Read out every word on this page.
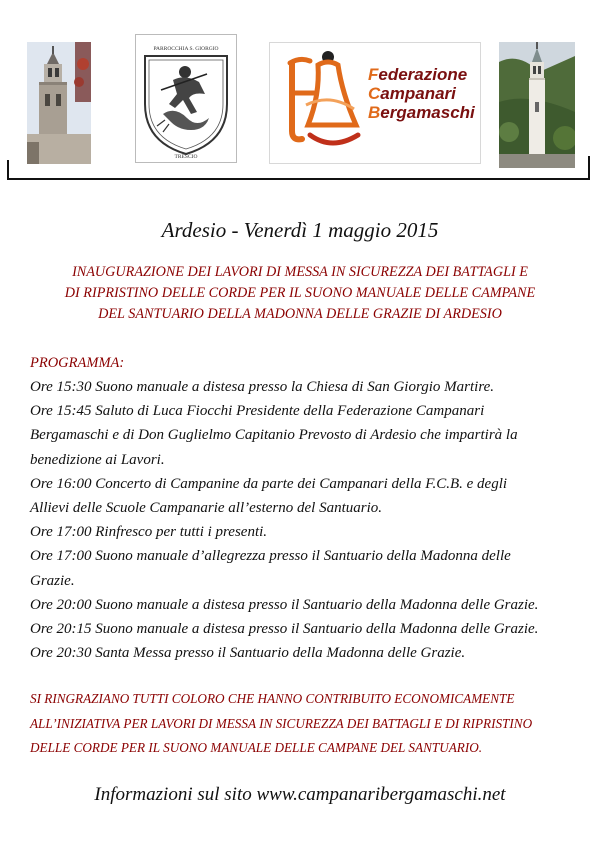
PARROCCHIA S. GIORGIO
TRESCIO
Federazione
Campanari
Bergamaschi
Ardesio - Venerdì 1 maggio 2015
INAUGURAZIONE DEI LAVORI DI MESSA IN SICUREZZA DEI BATTAGLI E
DI RIPRISTINO DELLE CORDE PER IL SUONO MANUALE DELLE CAMPANE
DEL SANTUARIO DELLA MADONNA DELLE GRAZIE DI ARDESIO
PROGRAMMA:
Ore 15:30 Suono manuale a distesa presso la Chiesa di San Giorgio Martire.
Ore 15:45 Saluto di Luca Fiocchi Presidente della Federazione Campanari
Bergamaschi e di Don Guglielmo Capitanio Prevosto di Ardesio che impartirà la
benedizione ai Lavori.
Ore 16:00 Concerto di Campanine da parte dei Campanari della F.C.B. e degli
Allievi delle Scuole Campanarie all’esterno del Santuario.
Ore 17:00 Rinfresco per tutti i presenti.
Ore 17:00 Suono manuale d’allegrezza presso il Santuario della Madonna delle
Grazie.
Ore 20:00 Suono manuale a distesa presso il Santuario della Madonna delle Grazie.
Ore 20:15 Suono manuale a distesa presso il Santuario della Madonna delle Grazie.
Ore 20:30 Santa Messa presso il Santuario della Madonna delle Grazie.
SI RINGRAZIANO TUTTI COLORO CHE HANNO CONTRIBUITO ECONOMICAMENTE
ALL’INIZIATIVA PER LAVORI DI MESSA IN SICUREZZA DEI BATTAGLI E DI RIPRISTINO
DELLE CORDE PER IL SUONO MANUALE DELLE CAMPANE DEL SANTUARIO.
Informazioni sul sito www.campanaribergamaschi.net
